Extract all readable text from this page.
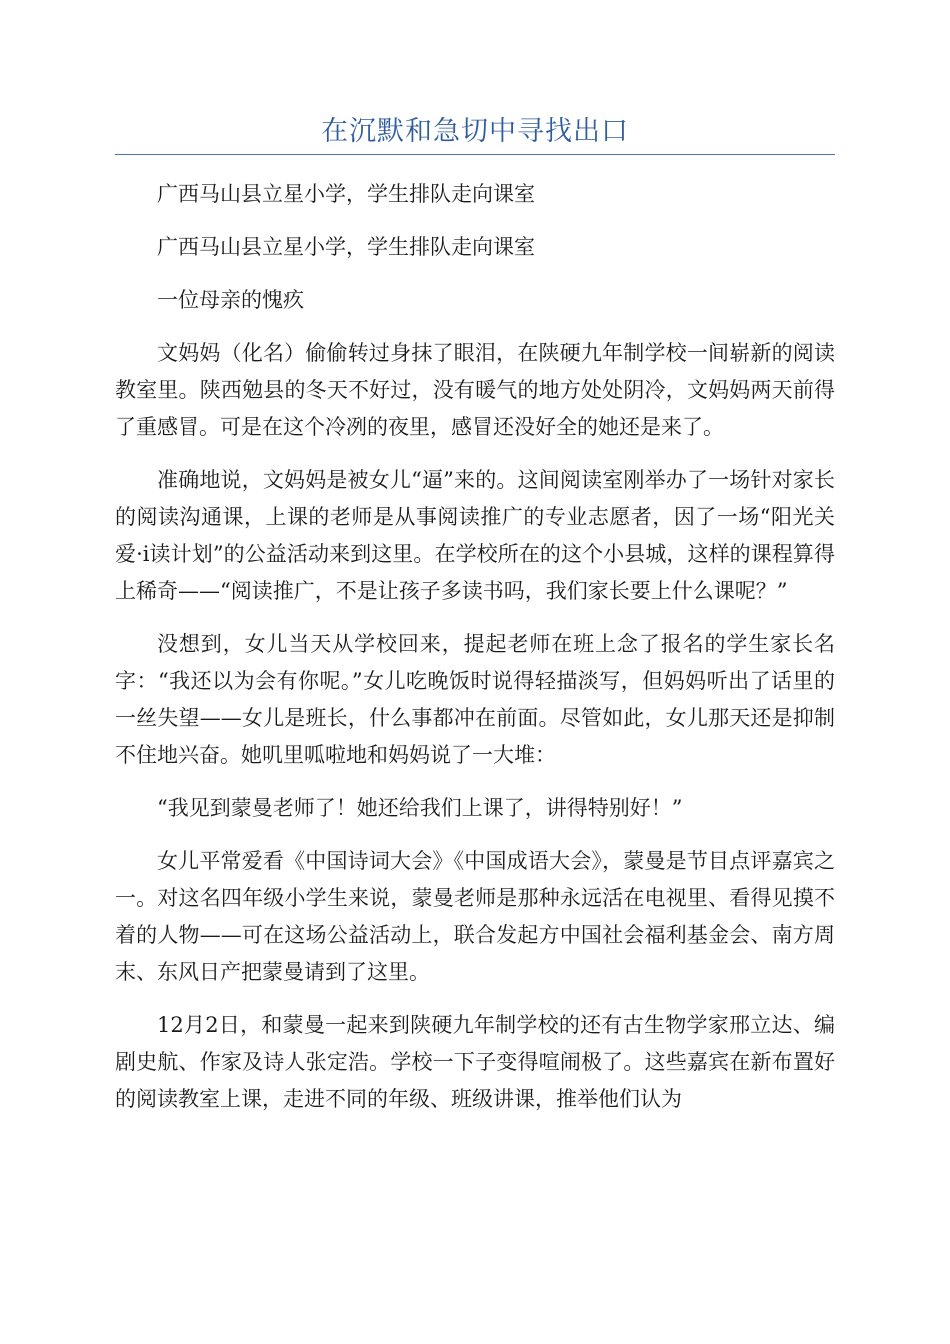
在沉默和急切中寻找出口

广西马山县立星小学，学生排队走向课室

广西马山县立星小学，学生排队走向课室

一位母亲的愧疚

文妈妈（化名）偷偷转过身抹了眼泪，在陕硬九年制学校一间崭新的阅读教室里。陕西勉县的冬天不好过，没有暖气的地方处处阴冷，文妈妈两天前得了重感冒。可是在这个冷冽的夜里，感冒还没好全的她还是来了。

准确地说，文妈妈是被女儿“逼”来的。这间阅读室刚举办了一场针对家长的阅读沟通课，上课的老师是从事阅读推广的专业志愿者，因了一场“阳光关爱·i读计划”的公益活动来到这里。在学校所在的这个小县城，这样的课程算得上稀奇——“阅读推广，不是让孩子多读书吗，我们家长要上什么课呢？”

没想到，女儿当天从学校回来，提起老师在班上念了报名的学生家长名字：“我还以为会有你呢。”女儿吃晚饭时说得轻描淡写，但妈妈听出了话里的一丝失望——女儿是班长，什么事都冲在前面。尽管如此，女儿那天还是抑制不住地兴奋。她叽里呱啦地和妈妈说了一大堆：

“我见到蒙曼老师了！她还给我们上课了，讲得特别好！”

女儿平常爱看《中国诗词大会》《中国成语大会》，蒙曼是节目点评嘉宾之一。对这名四年级小学生来说，蒙曼老师是那种永远活在电视里、看得见摸不着的人物——可在这场公益活动上，联合发起方中国社会福利基金会、南方周末、东风日产把蒙曼请到了这里。

12月2日，和蒙曼一起来到陕硬九年制学校的还有古生物学家邢立达、编剧史航、作家及诗人张定浩。学校一下子变得喧闹极了。这些嘉宾在新布置好的阅读教室上课，走进不同的年级、班级讲课，推举他们认为
